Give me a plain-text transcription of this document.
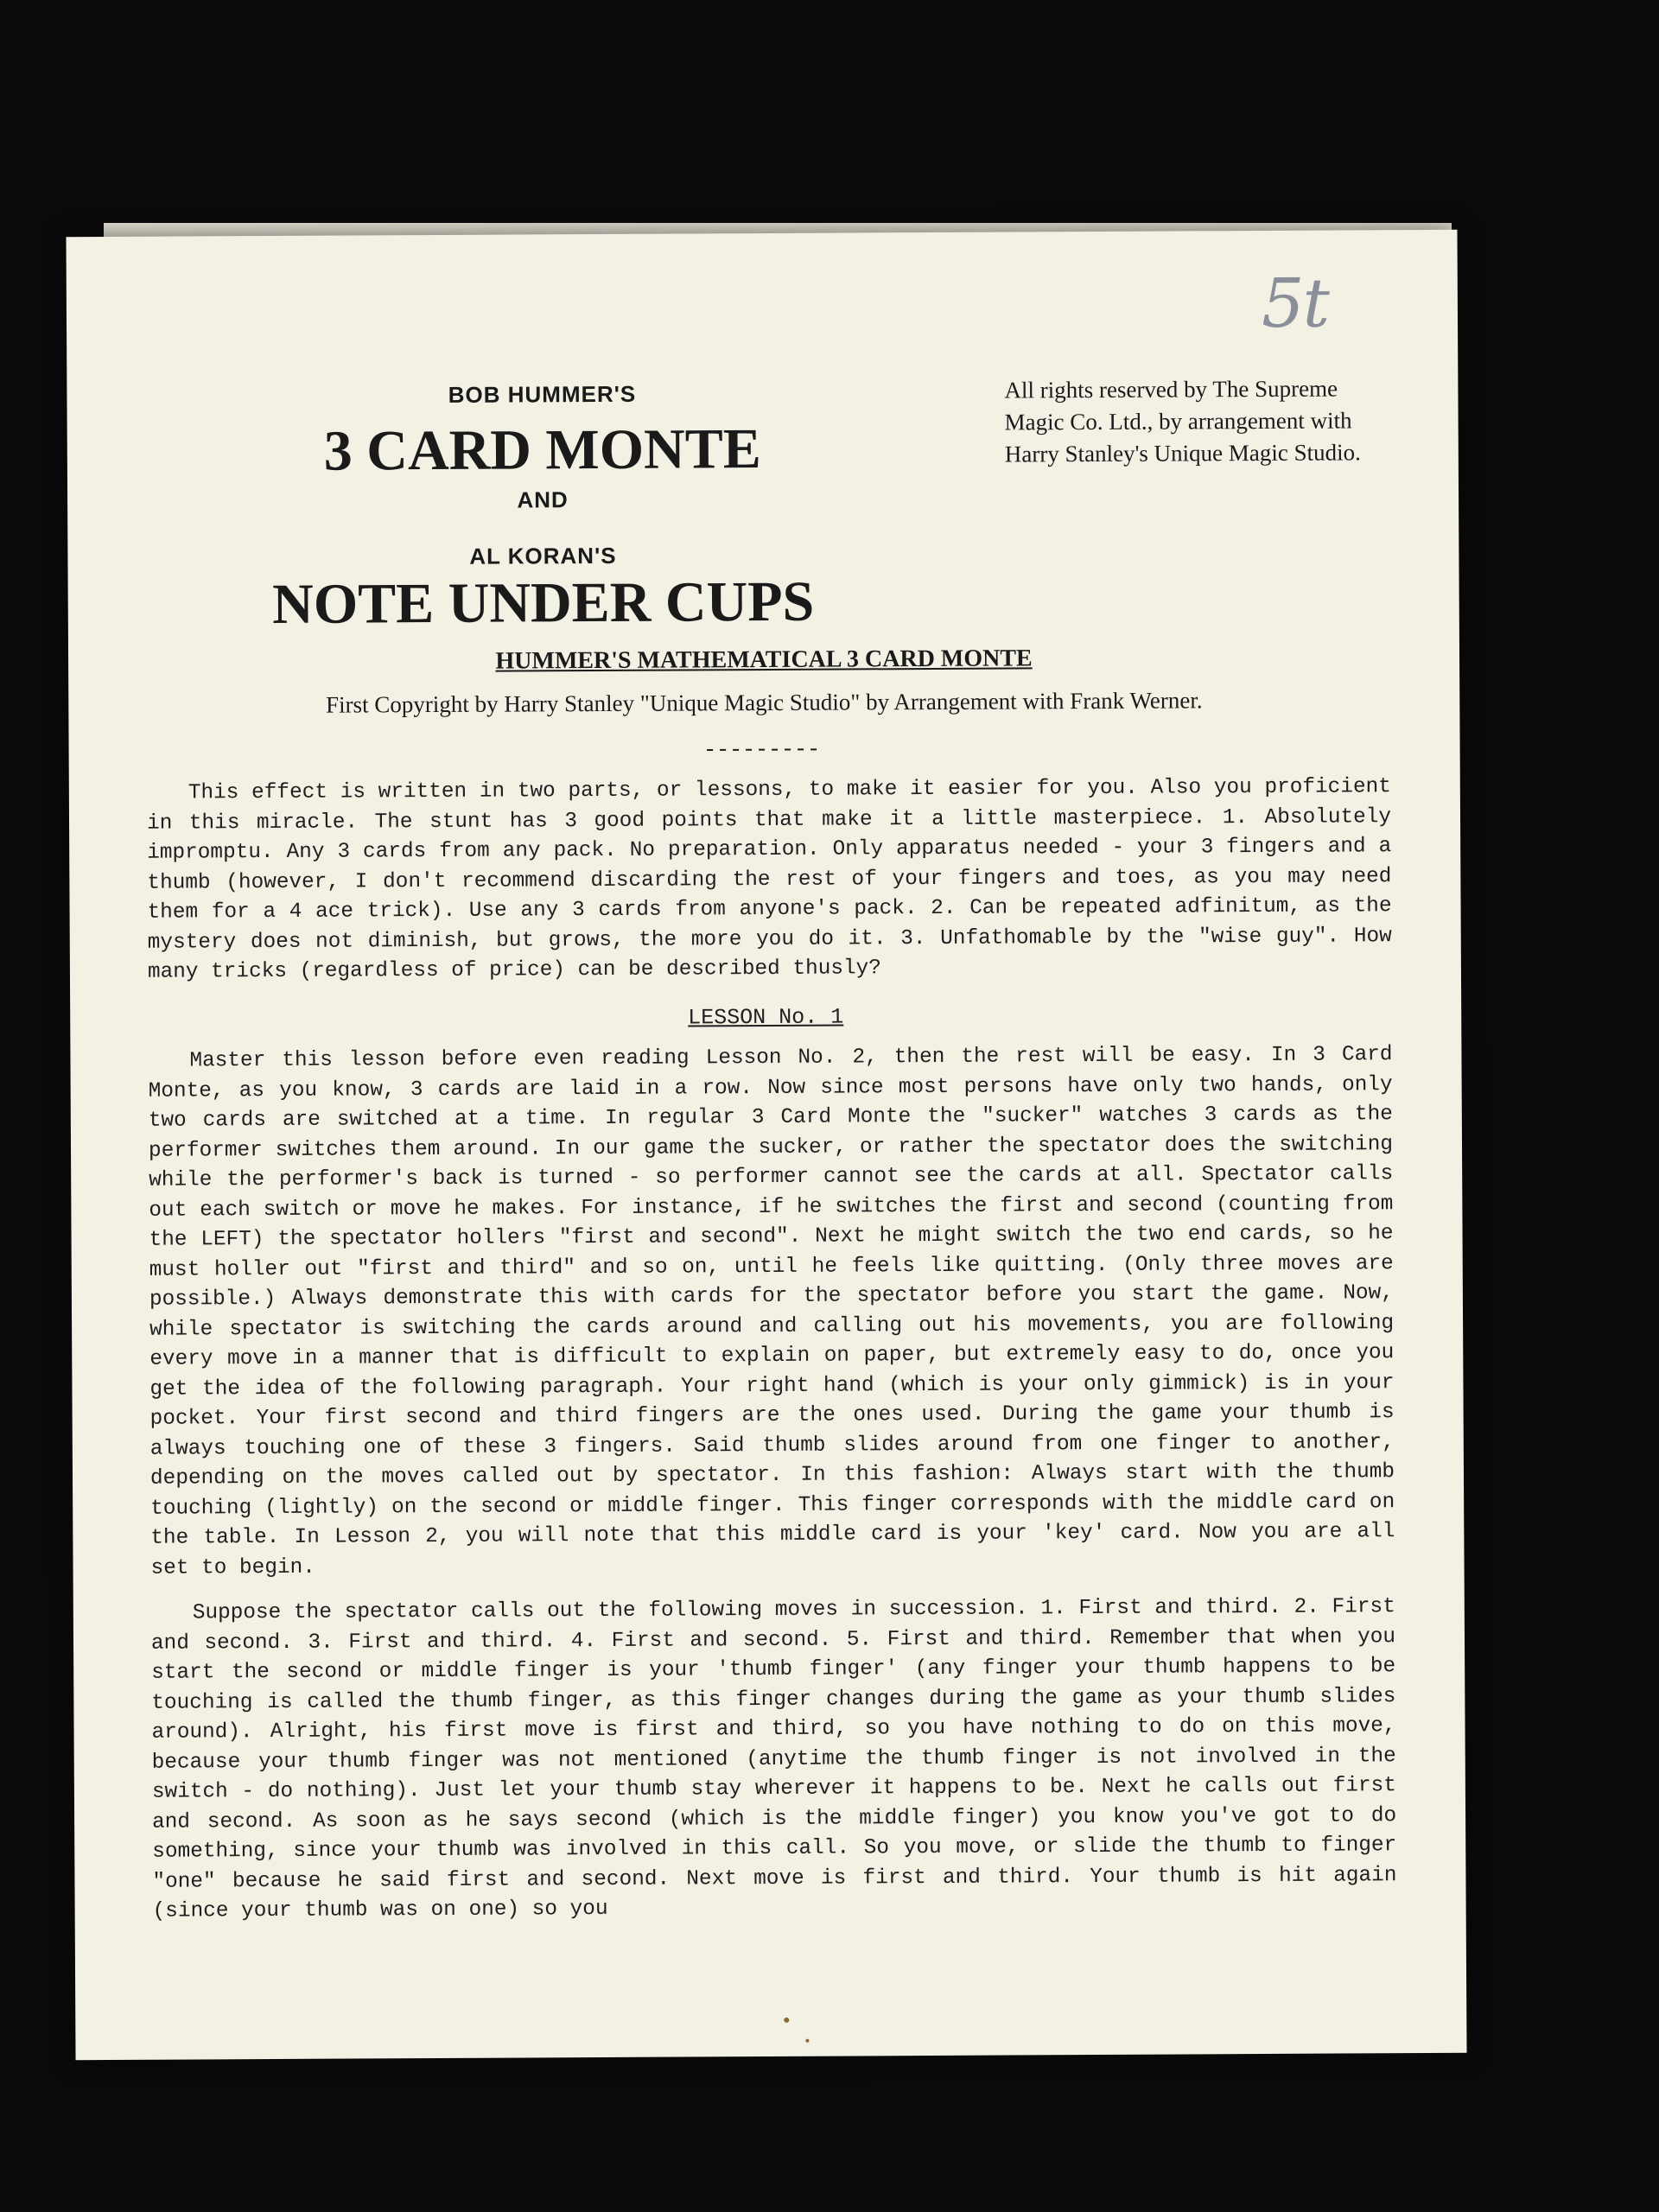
5t
BOB HUMMER'S
3 CARD MONTE
AND
AL KORAN'S
NOTE UNDER CUPS
All rights reserved by The Supreme Magic Co. Ltd., by arrangement with Harry Stanley's Unique Magic Studio.
HUMMER'S MATHEMATICAL 3 CARD MONTE
First Copyright by Harry Stanley "Unique Magic Studio" by Arrangement with Frank Werner.
---------

This effect is written in two parts, or lessons, to make it easier for you. Also you proficient in this miracle. The stunt has 3 good points that make it a little masterpiece. 1. Absolutely impromptu. Any 3 cards from any pack. No preparation. Only apparatus needed - your 3 fingers and a thumb (however, I don't recommend discarding the rest of your fingers and toes, as you may need them for a 4 ace trick). Use any 3 cards from anyone's pack. 2. Can be repeated adfinitum, as the mystery does not diminish, but grows, the more you do it. 3. Unfathomable by the "wise guy". How many tricks (regardless of price) can be described thusly?

LESSON No. 1

Master this lesson before even reading Lesson No. 2, then the rest will be easy. In 3 Card Monte, as you know, 3 cards are laid in a row. Now since most persons have only two hands, only two cards are switched at a time. In regular 3 Card Monte the "sucker" watches 3 cards as the performer switches them around. In our game the sucker, or rather the spectator does the switching while the performer's back is turned - so performer cannot see the cards at all. Spectator calls out each switch or move he makes. For instance, if he switches the first and second (counting from the LEFT) the spectator hollers "first and second". Next he might switch the two end cards, so he must holler out "first and third" and so on, until he feels like quitting. (Only three moves are possible.) Always demonstrate this with cards for the spectator before you start the game. Now, while spectator is switching the cards around and calling out his movements, you are following every move in a manner that is difficult to explain on paper, but extremely easy to do, once you get the idea of the following paragraph. Your right hand (which is your only gimmick) is in your pocket. Your first second and third fingers are the ones used. During the game your thumb is always touching one of these 3 fingers. Said thumb slides around from one finger to another, depending on the moves called out by spectator. In this fashion: Always start with the thumb touching (lightly) on the second or middle finger. This finger corresponds with the middle card on the table. In Lesson 2, you will note that this middle card is your 'key' card. Now you are all set to begin.

Suppose the spectator calls out the following moves in succession. 1. First and third. 2. First and second. 3. First and third. 4. First and second. 5. First and third. Remember that when you start the second or middle finger is your 'thumb finger' (any finger your thumb happens to be touching is called the thumb finger, as this finger changes during the game as your thumb slides around). Alright, his first move is first and third, so you have nothing to do on this move, because your thumb finger was not mentioned (anytime the thumb finger is not involved in the switch - do nothing). Just let your thumb stay wherever it happens to be. Next he calls out first and second. As soon as he says second (which is the middle finger) you know you've got to do something, since your thumb was involved in this call. So you move, or slide the thumb to finger "one" because he said first and second. Next move is first and third. Your thumb is hit again (since your thumb was on one) so you
